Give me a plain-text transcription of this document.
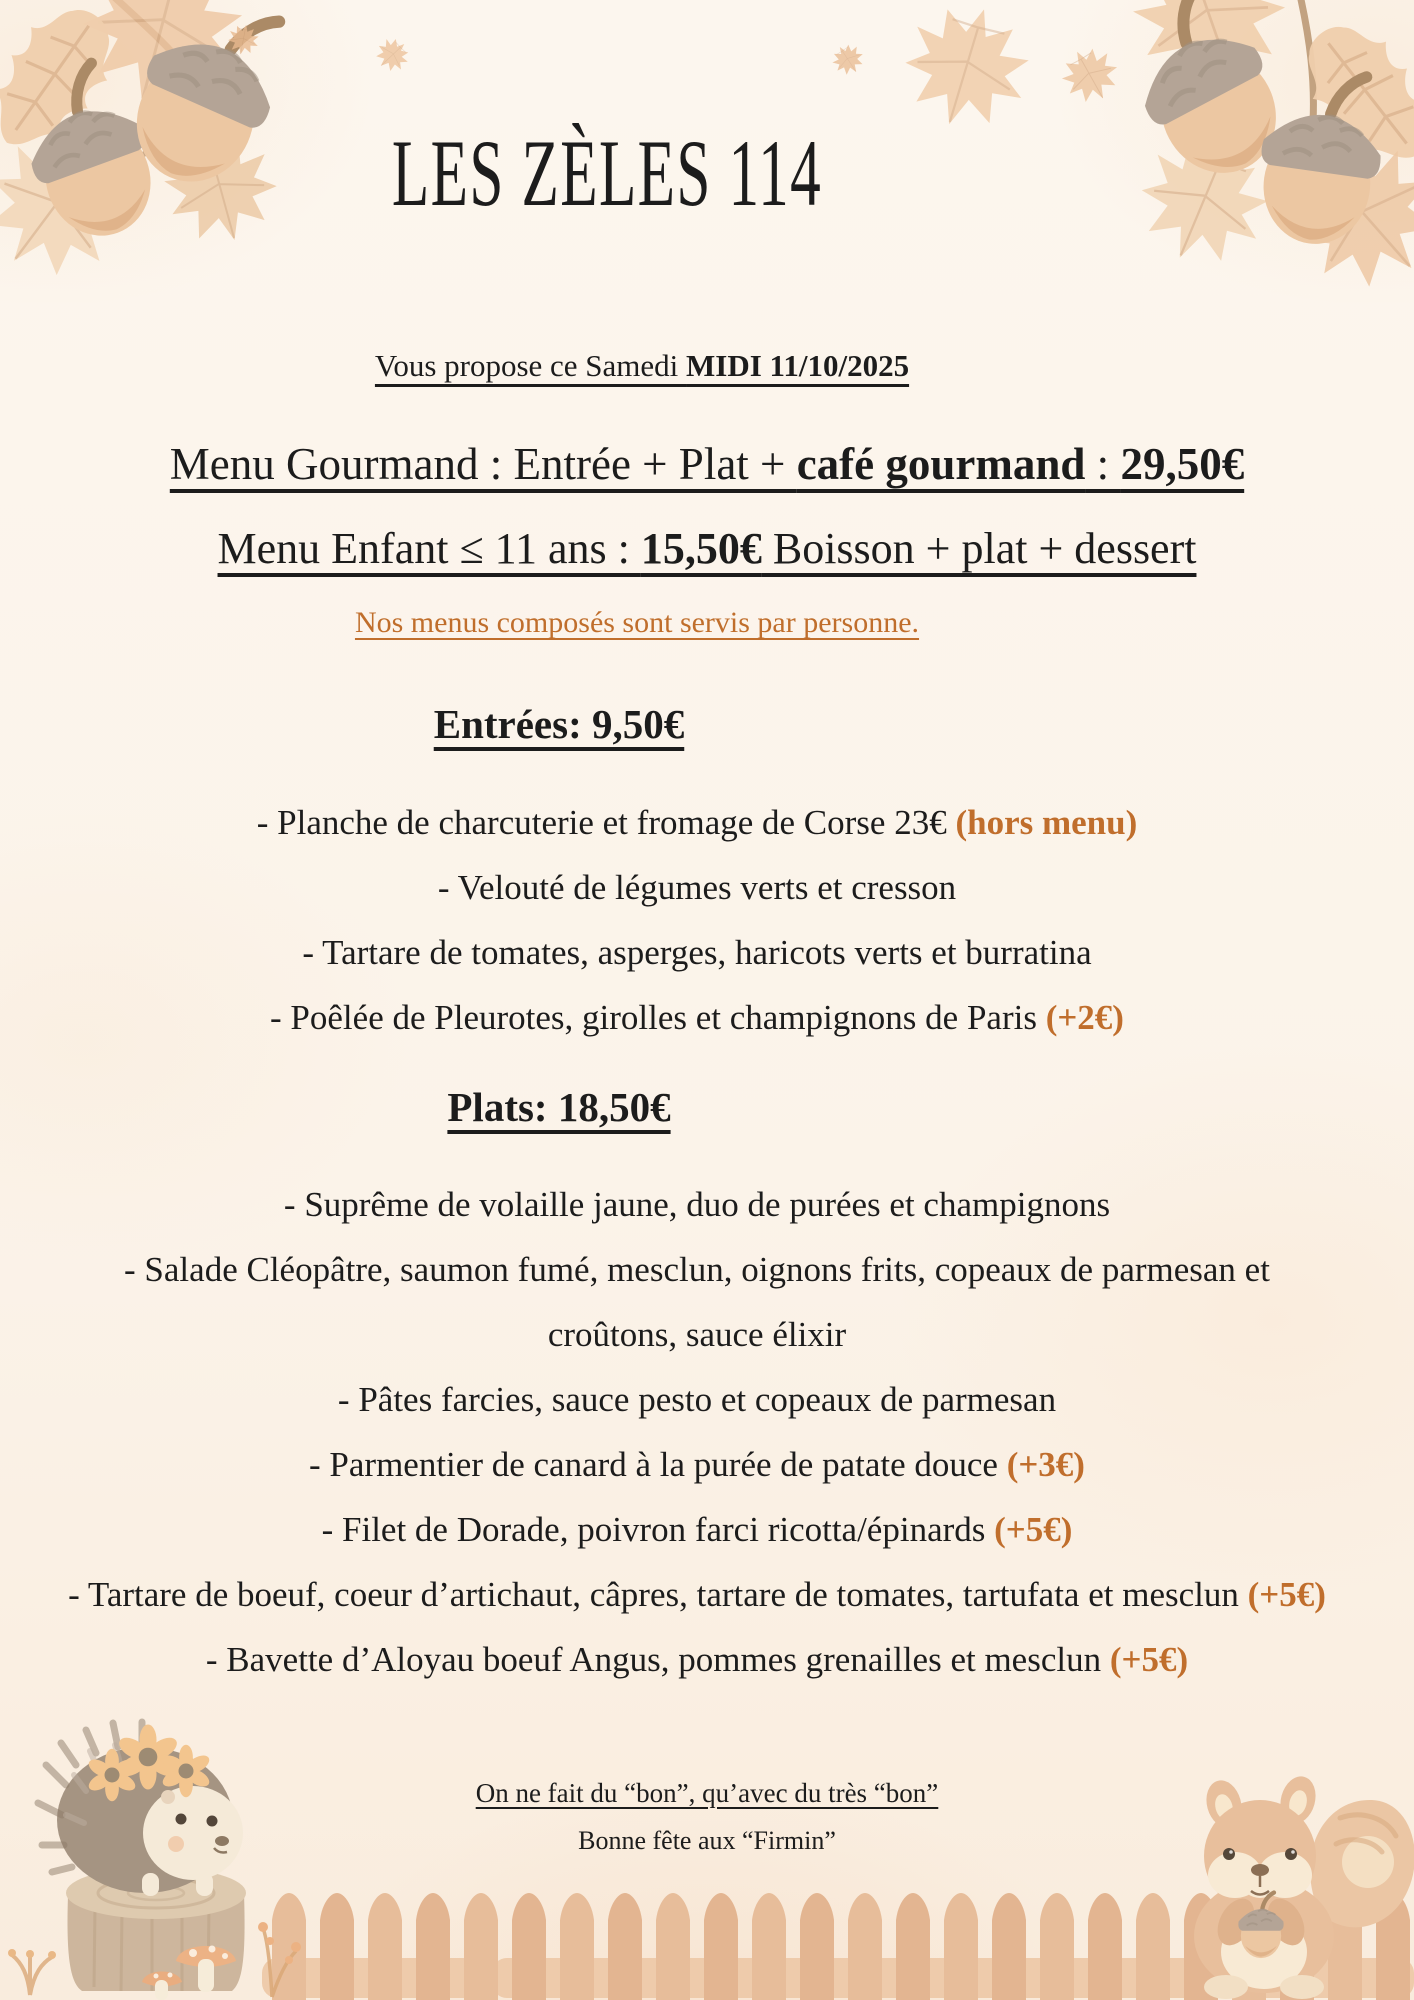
LES ZÈLES 114

Vous propose ce Samedi MIDI 11/10/2025

Menu Gourmand : Entrée + Plat + café gourmand : 29,50€

Menu Enfant ≤ 11 ans : 15,50€ Boisson + plat + dessert

Nos menus composés sont servis par personne.

Entrées: 9,50€

- Planche de charcuterie et fromage de Corse 23€ (hors menu)

- Velouté de légumes verts et cresson

- Tartare de tomates, asperges, haricots verts et burratina

- Poêlée de Pleurotes, girolles et champignons de Paris (+2€)

Plats: 18,50€

- Suprême de volaille jaune, duo de purées et champignons

- Salade Cléopâtre, saumon fumé, mesclun, oignons frits, copeaux de parmesan et croûtons, sauce élixir

- Pâtes farcies, sauce pesto et copeaux de parmesan

- Parmentier de canard à la purée de patate douce (+3€)

- Filet de Dorade, poivron farci ricotta/épinards (+5€)

- Tartare de boeuf, coeur d’artichaut, câpres, tartare de tomates, tartufata et mesclun (+5€)

- Bavette d’Aloyau boeuf Angus, pommes grenailles et mesclun (+5€)

On ne fait du “bon”, qu’avec du très “bon”

Bonne fête aux “Firmin”
